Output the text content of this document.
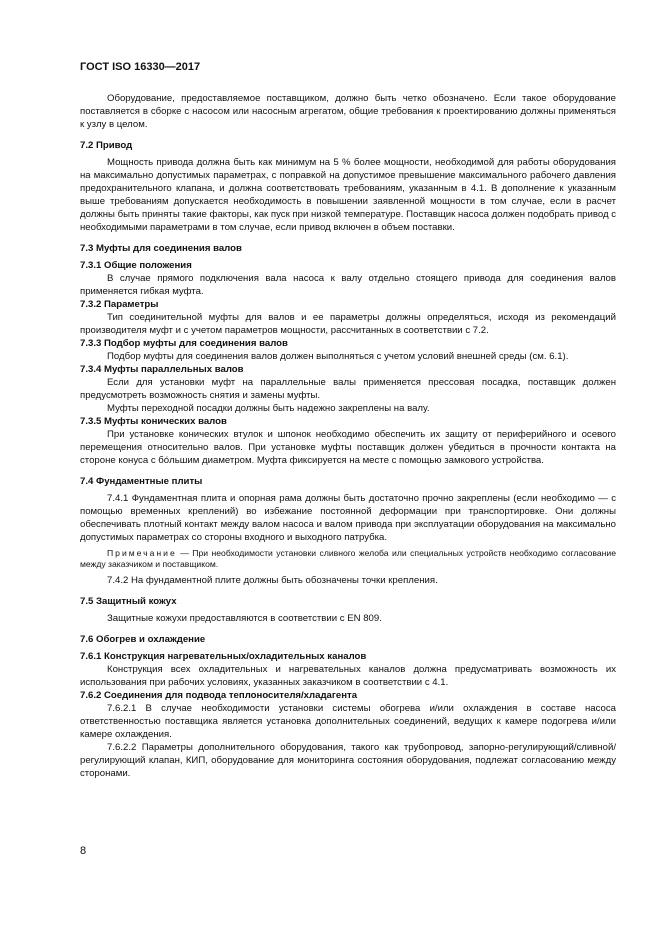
ГОСТ ISO 16330—2017

Оборудование, предоставляемое поставщиком, должно быть четко обозначено. Если такое оборудование поставляется в сборке с насосом или насосным агрегатом, общие требования к проектированию должны применяться к узлу в целом.

7.2 Привод

Мощность привода должна быть как минимум на 5 % более мощности, необходимой для работы оборудования на максимально допустимых параметрах, с поправкой на допустимое превышение максимального рабочего давления предохранительного клапана, и должна соответствовать требованиям, указанным в 4.1. В дополнение к указанным выше требованиям допускается необходимость в повышении заявленной мощности в том случае, если в расчет должны быть приняты такие факторы, как пуск при низкой температуре. Поставщик насоса должен подобрать привод с необходимыми параметрами в том случае, если привод включен в объем поставки.

7.3 Муфты для соединения валов

7.3.1 Общие положения

В случае прямого подключения вала насоса к валу отдельно стоящего привода для соединения валов применяется гибкая муфта.

7.3.2 Параметры

Тип соединительной муфты для валов и ее параметры должны определяться, исходя из рекомендаций производителя муфт и с учетом параметров мощности, рассчитанных в соответствии с 7.2.

7.3.3 Подбор муфты для соединения валов

Подбор муфты для соединения валов должен выполняться с учетом условий внешней среды (см. 6.1).

7.3.4 Муфты параллельных валов

Если для установки муфт на параллельные валы применяется прессовая посадка, поставщик должен предусмотреть возможность снятия и замены муфты.

Муфты переходной посадки должны быть надежно закреплены на валу.

7.3.5 Муфты конических валов

При установке конических втулок и шпонок необходимо обеспечить их защиту от периферийного и осевого перемещения относительно валов. При установке муфты поставщик должен убедиться в прочности контакта на стороне конуса с бóльшим диаметром. Муфта фиксируется на месте с помощью замкового устройства.

7.4 Фундаментные плиты

7.4.1 Фундаментная плита и опорная рама должны быть достаточно прочно закреплены (если необходимо — с помощью временных креплений) во избежание постоянной деформации при транспортировке. Они должны обеспечивать плотный контакт между валом насоса и валом привода при эксплуатации оборудования на максимально допустимых параметрах со стороны входного и выходного патрубка.

Примечание — При необходимости установки сливного желоба или специальных устройств необходимо согласование между заказчиком и поставщиком.

7.4.2 На фундаментной плите должны быть обозначены точки крепления.

7.5 Защитный кожух

Защитные кожухи предоставляются в соответствии с EN 809.

7.6 Обогрев и охлаждение

7.6.1 Конструкция нагревательных/охладительных каналов

Конструкция всех охладительных и нагревательных каналов должна предусматривать возможность их использования при рабочих условиях, указанных заказчиком в соответствии с 4.1.

7.6.2 Соединения для подвода теплоносителя/хладагента

7.6.2.1 В случае необходимости установки системы обогрева и/или охлаждения в составе насоса ответственностью поставщика является установка дополнительных соединений, ведущих к камере подогрева и/или камере охлаждения.

7.6.2.2 Параметры дополнительного оборудования, такого как трубопровод, запорно-регулирующий/сливной/регулирующий клапан, КИП, оборудование для мониторинга состояния оборудования, подлежат согласованию между сторонами.

8
